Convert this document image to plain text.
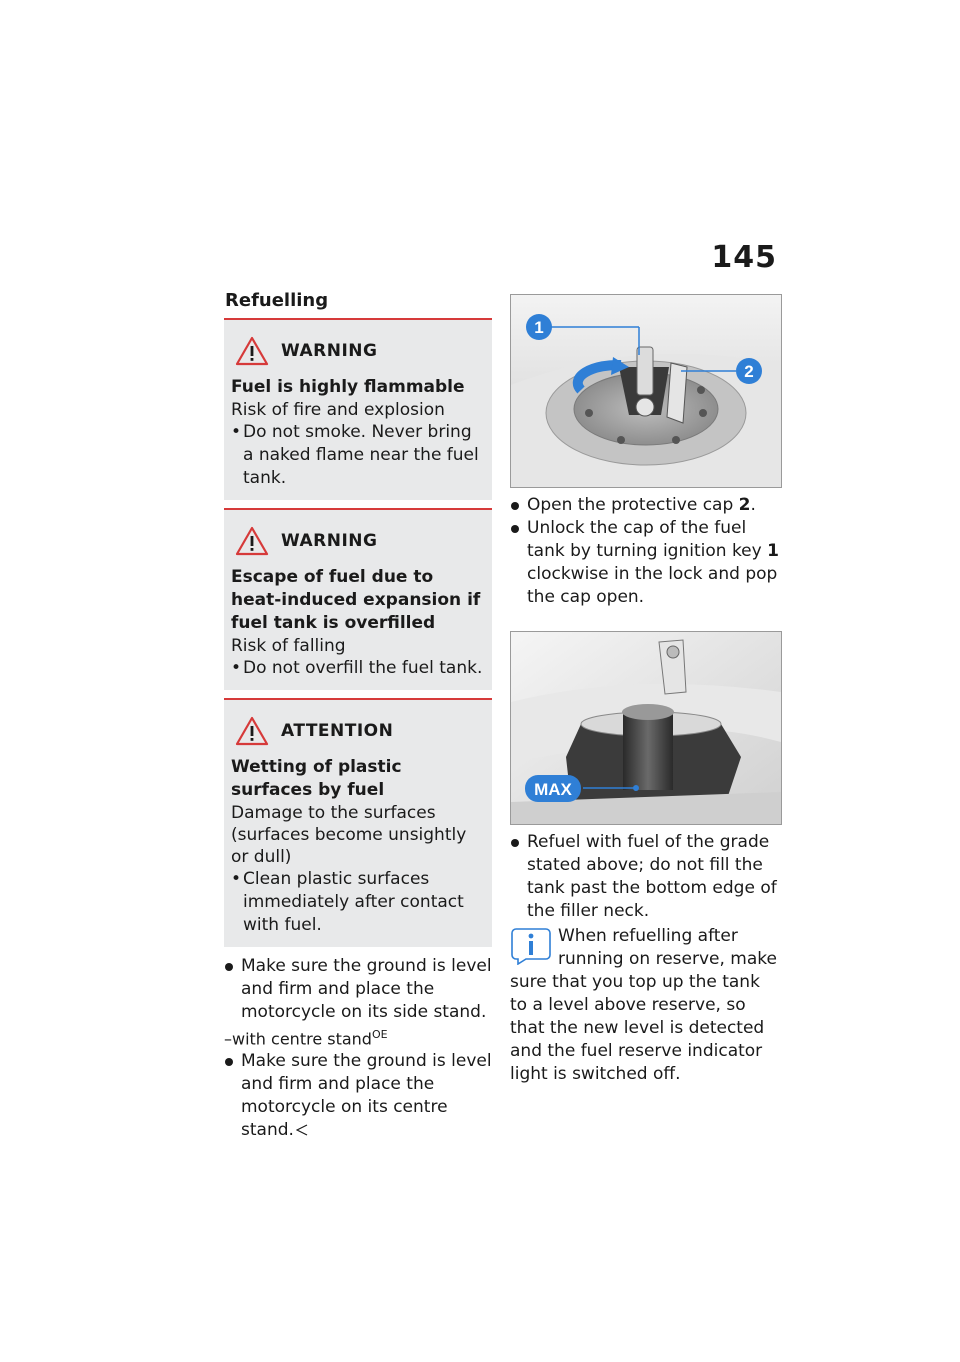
145
Refuelling
WARNING
Fuel is highly flammable
Risk of fire and explosion
• Do not smoke. Never bring a naked flame near the fuel tank.
WARNING
Escape of fuel due to heat-induced expansion if fuel tank is overfilled
Risk of falling
• Do not overfill the fuel tank.
ATTENTION
Wetting of plastic surfaces by fuel
Damage to the surfaces (surfaces become unsightly or dull)
• Clean plastic surfaces immediately after contact with fuel.
Make sure the ground is level and firm and place the motorcycle on its side stand.
–with centre stand$^{OE}$
Make sure the ground is level and firm and place the motorcycle on its centre stand.
1
2
Open the protective cap 2.
Unlock the cap of the fuel tank by turning ignition key 1 clockwise in the lock and pop the cap open.
MAX
Refuel with fuel of the grade stated above; do not fill the tank past the bottom edge of the filler neck.
When refuelling after running on reserve, make sure that you top up the tank to a level above reserve, so that the new level is detected and the fuel reserve indicator light is switched off.
